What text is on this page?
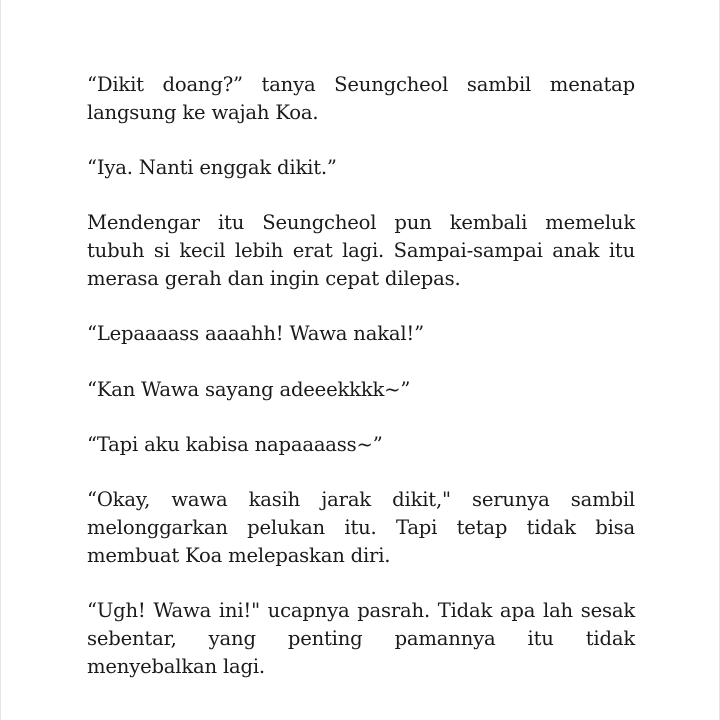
“Dikit doang?” tanya Seungcheol sambil menatap langsung ke wajah Koa.

“Iya. Nanti enggak dikit.”

Mendengar itu Seungcheol pun kembali memeluk tubuh si kecil lebih erat lagi. Sampai-sampai anak itu merasa gerah dan ingin cepat dilepas.

“Lepaaaass aaaahh! Wawa nakal!”

“Kan Wawa sayang adeeekkkk~”

“Tapi aku kabisa napaaaass~”

“Okay, wawa kasih jarak dikit," serunya sambil melonggarkan pelukan itu. Tapi tetap tidak bisa membuat Koa melepaskan diri.

“Ugh! Wawa ini!" ucapnya pasrah. Tidak apa lah sesak sebentar, yang penting pamannya itu tidak menyebalkan lagi.
